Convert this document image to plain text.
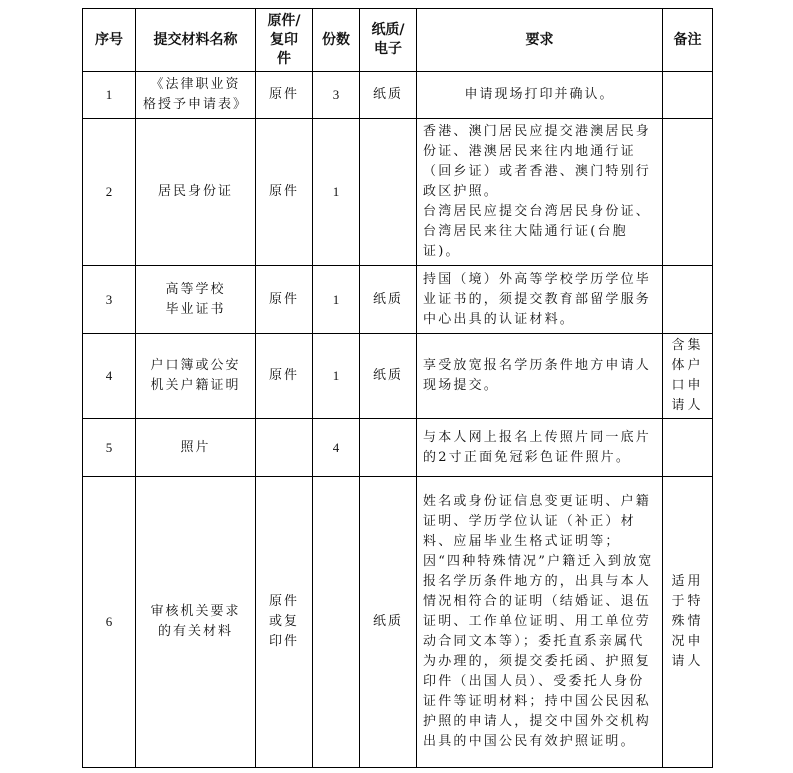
序号	提交材料名称	原件/
复印
件	份数	纸质/
电子	要求	备注
1	《法律职业资
格授予申请表》	原件	3	纸质	申请现场打印并确认。	
2	居民身份证	原件	1		香港、澳门居民应提交港澳居民身份证、港澳居民来往内地通行证（回乡证）或者香港、澳门特别行政区护照。
台湾居民应提交台湾居民身份证、台湾居民来往大陆通行证(台胞证)。	

3	高等学校
毕业证书	原件	1	纸质	持国（境）外高等学校学历学位毕业证书的，须提交教育部留学服务中心出具的认证材料。	
4	户口簿或公安
机关户籍证明	原件	1	纸质	享受放宽报名学历条件地方申请人现场提交。	含集
体户
口申
请人

5	照片		4		与本人网上报名上传照片同一底片的2寸正面免冠彩色证件照片。	
6	审核机关要求
的有关材料	原件
或复
印件		纸质	姓名或身份证信息变更证明、户籍证明、学历学位认证（补正）材料、应届毕业生格式证明等；因“四种特殊情况”户籍迁入到放宽报名学历条件地方的，出具与本人情况相符合的证明（结婚证、退伍证明、工作单位证明、用工单位劳动合同文本等）；委托直系亲属代为办理的，须提交委托函、护照复印件（出国人员）、受委托人身份证件等证明材料；持中国公民因私护照的申请人，提交中国外交机构出具的中国公民有效护照证明。	适用
于特
殊情
况申
请人
